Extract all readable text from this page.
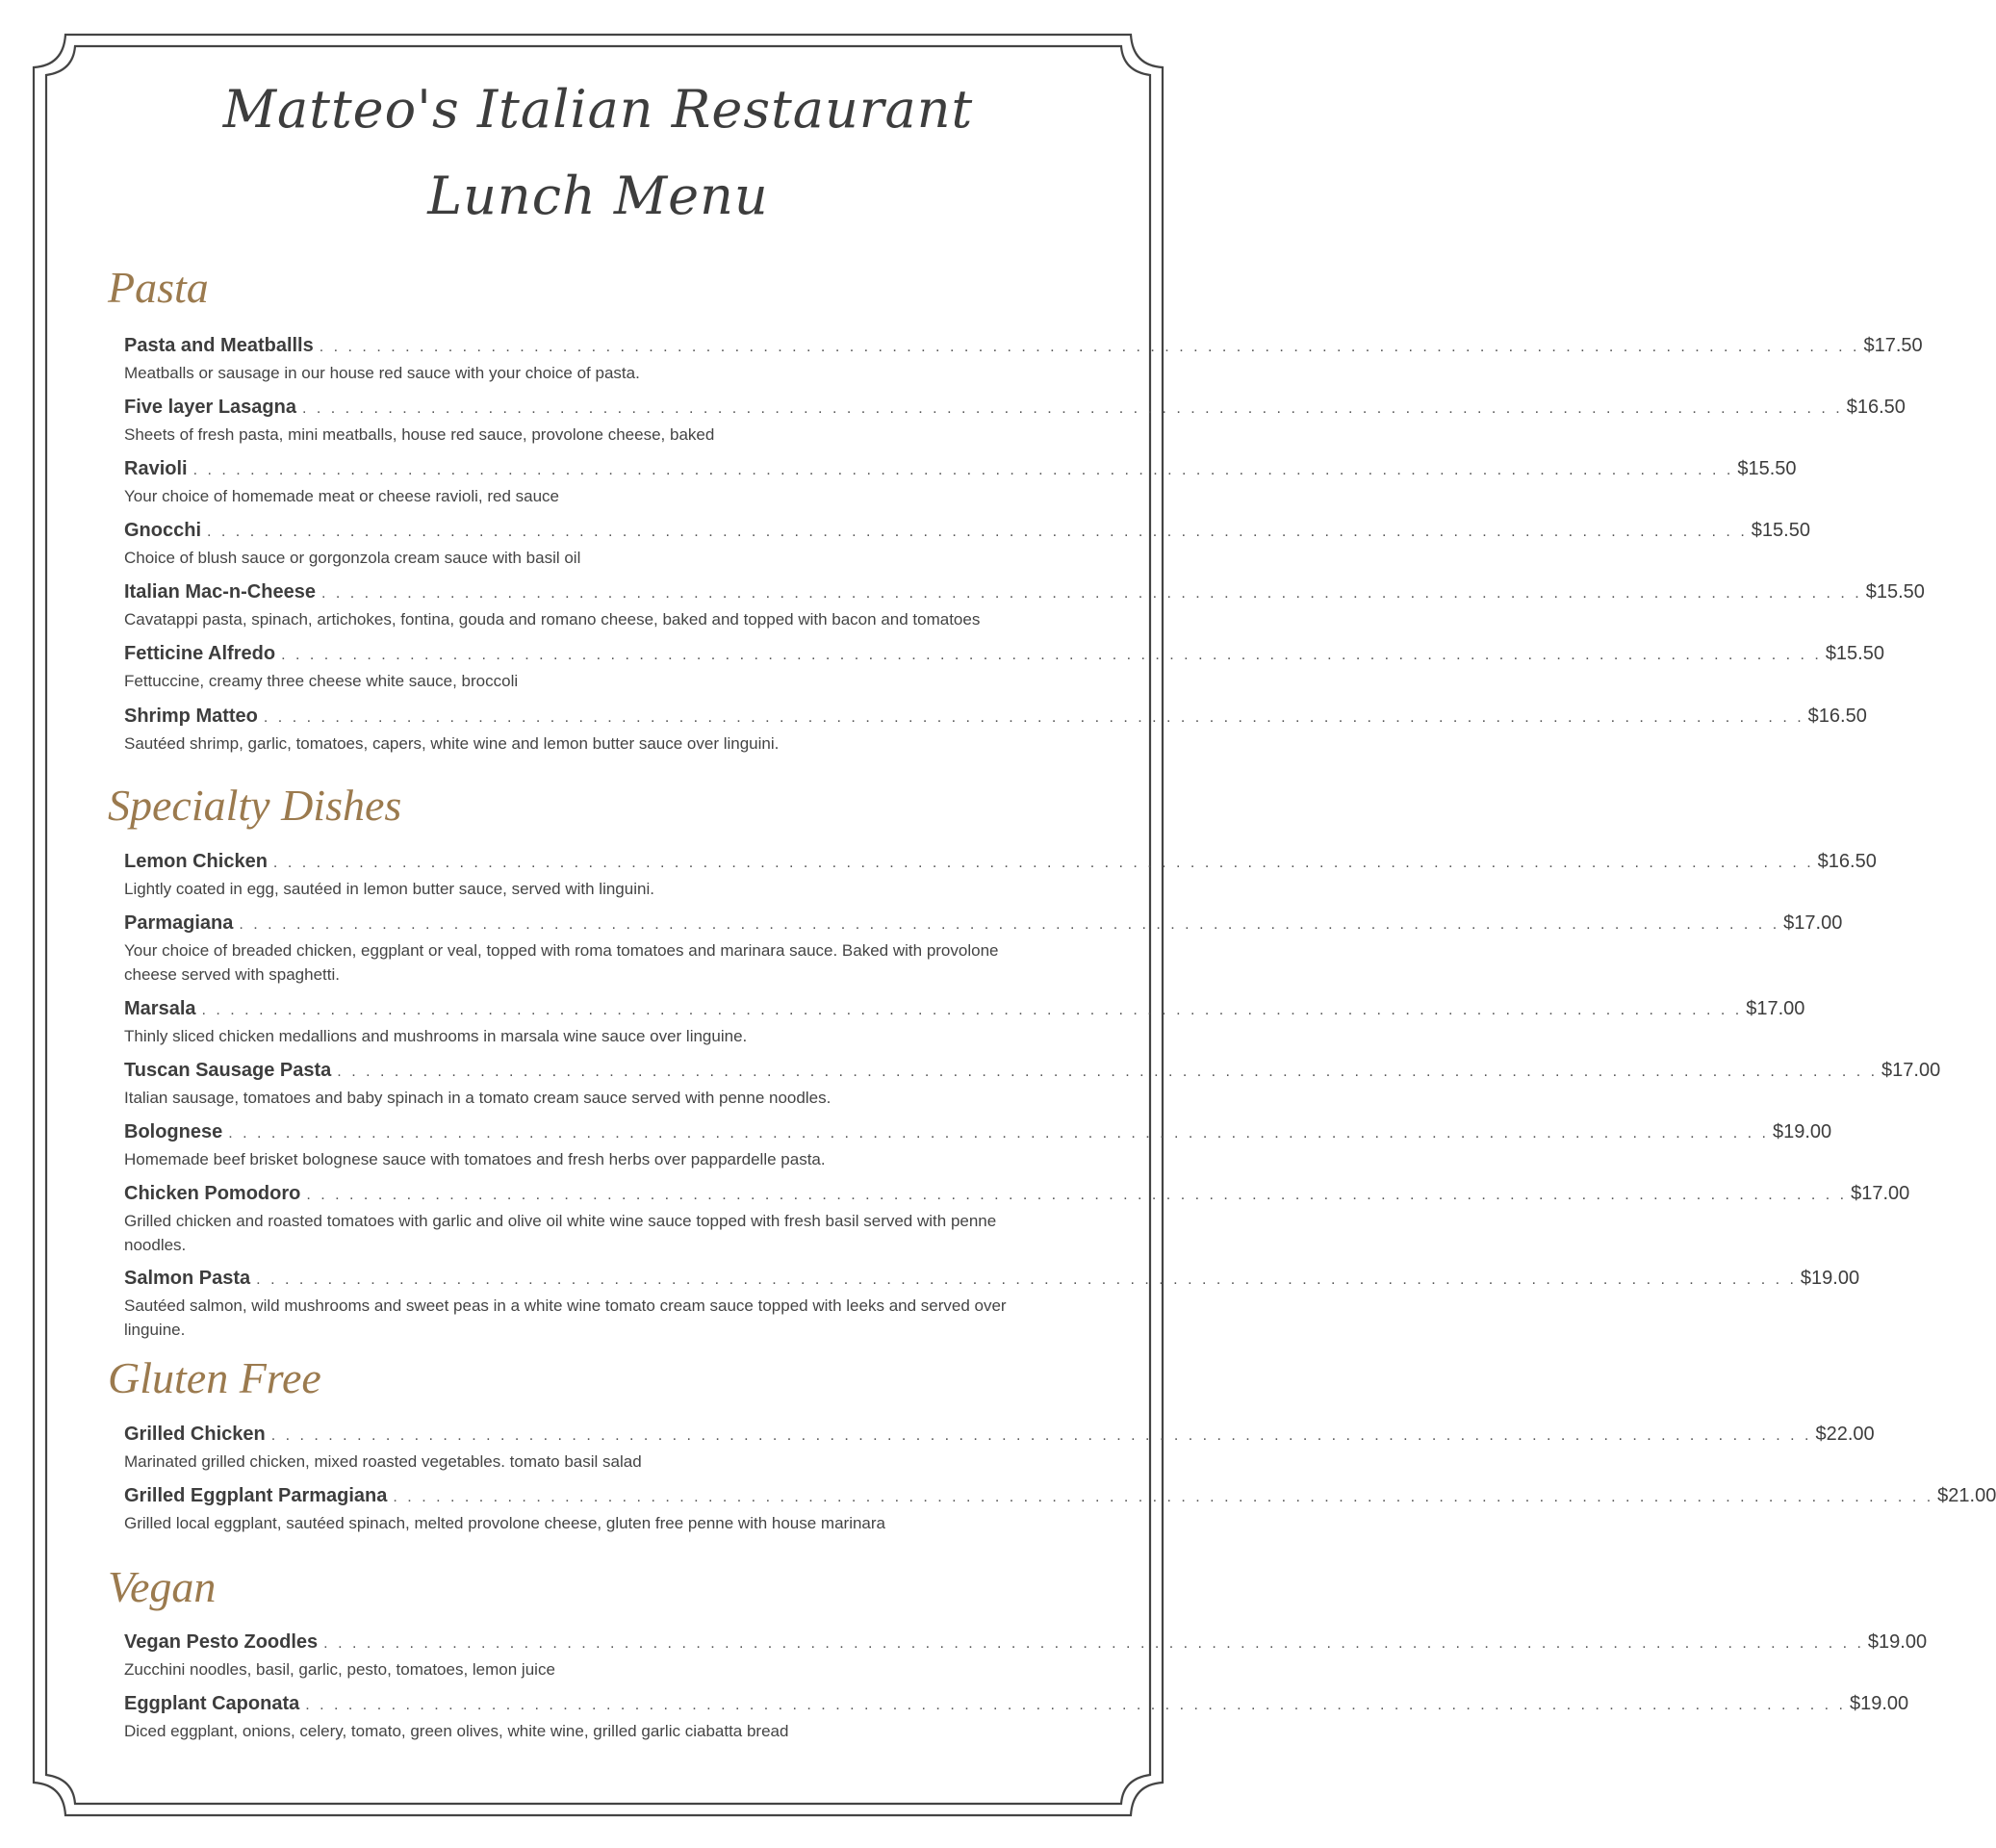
Matteo's Italian Restaurant
Lunch Menu
Pasta
Pasta and Meatballls . . . . . . . . . . . . . . . . . . . . . . . . . . . . . . . . . . . . . . . . . . . . . . . . . . . . . . . . . . . . . . . . . . . . . . . . . . . . . . . . . . . . . . . . . . . . . . . . . . . . . . . . . . . . $17.50
Meatballs or sausage in our house red sauce with your choice of pasta.
Five layer Lasagna . . . . . . . . . . . . . . . . . . . . . . . . . . . . . . . . . . . . . . . . . . . . . . . . . . . . . . . . . . . . . . . . . . . . . . . . . . . . . . . . . . . . . . . . . . . . . . . . . . . . . . . . . . . . $16.50
Sheets of fresh pasta, mini meatballs, house red sauce, provolone cheese, baked
Ravioli . . . . . . . . . . . . . . . . . . . . . . . . . . . . . . . . . . . . . . . . . . . . . . . . . . . . . . . . . . . . . . . . . . . . . . . . . . . . . . . . . . . . . . . . . . . . . . . . . . . . . . . . . . . . $15.50
Your choice of homemade meat or cheese ravioli, red sauce
Gnocchi . . . . . . . . . . . . . . . . . . . . . . . . . . . . . . . . . . . . . . . . . . . . . . . . . . . . . . . . . . . . . . . . . . . . . . . . . . . . . . . . . . . . . . . . . . . . . . . . . . . . . . . . . . . . $15.50
Choice of blush sauce or gorgonzola cream sauce with basil oil
Italian Mac-n-Cheese . . . . . . . . . . . . . . . . . . . . . . . . . . . . . . . . . . . . . . . . . . . . . . . . . . . . . . . . . . . . . . . . . . . . . . . . . . . . . . . . . . . . . . . . . . . . . . . . . . . . . . . . . . . . $15.50
Cavatappi pasta, spinach, artichokes, fontina, gouda and romano cheese, baked and topped with bacon and tomatoes
Fetticine Alfredo . . . . . . . . . . . . . . . . . . . . . . . . . . . . . . . . . . . . . . . . . . . . . . . . . . . . . . . . . . . . . . . . . . . . . . . . . . . . . . . . . . . . . . . . . . . . . . . . . . . . . . . . . . . . $15.50
Fettuccine, creamy three cheese white sauce, broccoli
Shrimp Matteo . . . . . . . . . . . . . . . . . . . . . . . . . . . . . . . . . . . . . . . . . . . . . . . . . . . . . . . . . . . . . . . . . . . . . . . . . . . . . . . . . . . . . . . . . . . . . . . . . . . . . . . . . . . . $16.50
Sautéed shrimp, garlic, tomatoes, capers, white wine and lemon butter sauce over linguini.
Specialty Dishes
Lemon Chicken . . . . . . . . . . . . . . . . . . . . . . . . . . . . . . . . . . . . . . . . . . . . . . . . . . . . . . . . . . . . . . . . . . . . . . . . . . . . . . . . . . . . . . . . . . . . . . . . . . . . . . . . . . . . $16.50
Lightly coated in egg, sautéed in lemon butter sauce, served with linguini.
Parmagiana . . . . . . . . . . . . . . . . . . . . . . . . . . . . . . . . . . . . . . . . . . . . . . . . . . . . . . . . . . . . . . . . . . . . . . . . . . . . . . . . . . . . . . . . . . . . . . . . . . . . . . . . . . . . $17.00
Your choice of breaded chicken, eggplant or veal, topped with roma tomatoes and marinara sauce. Baked with provolone cheese served with spaghetti.
Marsala . . . . . . . . . . . . . . . . . . . . . . . . . . . . . . . . . . . . . . . . . . . . . . . . . . . . . . . . . . . . . . . . . . . . . . . . . . . . . . . . . . . . . . . . . . . . . . . . . . . . . . . . . . . . $17.00
Thinly sliced chicken medallions and mushrooms in marsala wine sauce over linguine.
Tuscan Sausage Pasta . . . . . . . . . . . . . . . . . . . . . . . . . . . . . . . . . . . . . . . . . . . . . . . . . . . . . . . . . . . . . . . . . . . . . . . . . . . . . . . . . . . . . . . . . . . . . . . . . . . . . . . . . . . . $17.00
Italian sausage, tomatoes and baby spinach in a tomato cream sauce served with penne noodles.
Bolognese . . . . . . . . . . . . . . . . . . . . . . . . . . . . . . . . . . . . . . . . . . . . . . . . . . . . . . . . . . . . . . . . . . . . . . . . . . . . . . . . . . . . . . . . . . . . . . . . . . . . . . . . . . . . $19.00
Homemade beef brisket bolognese sauce with tomatoes and fresh herbs over pappardelle pasta.
Chicken Pomodoro . . . . . . . . . . . . . . . . . . . . . . . . . . . . . . . . . . . . . . . . . . . . . . . . . . . . . . . . . . . . . . . . . . . . . . . . . . . . . . . . . . . . . . . . . . . . . . . . . . . . . . . . . . . . $17.00
Grilled chicken and roasted tomatoes with garlic and olive oil white wine sauce topped with fresh basil served with penne noodles.
Salmon Pasta . . . . . . . . . . . . . . . . . . . . . . . . . . . . . . . . . . . . . . . . . . . . . . . . . . . . . . . . . . . . . . . . . . . . . . . . . . . . . . . . . . . . . . . . . . . . . . . . . . . . . . . . . . . . $19.00
Sautéed salmon, wild mushrooms and sweet peas in a white wine tomato cream sauce topped with leeks and served over linguine.
Gluten Free
Grilled Chicken . . . . . . . . . . . . . . . . . . . . . . . . . . . . . . . . . . . . . . . . . . . . . . . . . . . . . . . . . . . . . . . . . . . . . . . . . . . . . . . . . . . . . . . . . . . . . . . . . . . . . . . . . . . . $22.00
Marinated grilled chicken, mixed roasted vegetables. tomato basil salad
Grilled Eggplant Parmagiana . . . . . . . . . . . . . . . . . . . . . . . . . . . . . . . . . . . . . . . . . . . . . . . . . . . . . . . . . . . . . . . . . . . . . . . . . . . . . . . . . . . . . . . . . . . . . . . . . . . . . . . . . . . . $21.00
Grilled local eggplant, sautéed spinach, melted provolone cheese, gluten free penne with house marinara
Vegan
Vegan Pesto Zoodles . . . . . . . . . . . . . . . . . . . . . . . . . . . . . . . . . . . . . . . . . . . . . . . . . . . . . . . . . . . . . . . . . . . . . . . . . . . . . . . . . . . . . . . . . . . . . . . . . . . . . . . . . . . . $19.00
Zucchini noodles, basil, garlic, pesto, tomatoes, lemon juice
Eggplant Caponata . . . . . . . . . . . . . . . . . . . . . . . . . . . . . . . . . . . . . . . . . . . . . . . . . . . . . . . . . . . . . . . . . . . . . . . . . . . . . . . . . . . . . . . . . . . . . . . . . . . . . . . . . . . . $19.00
Diced eggplant, onions, celery, tomato, green olives, white wine, grilled garlic ciabatta bread
